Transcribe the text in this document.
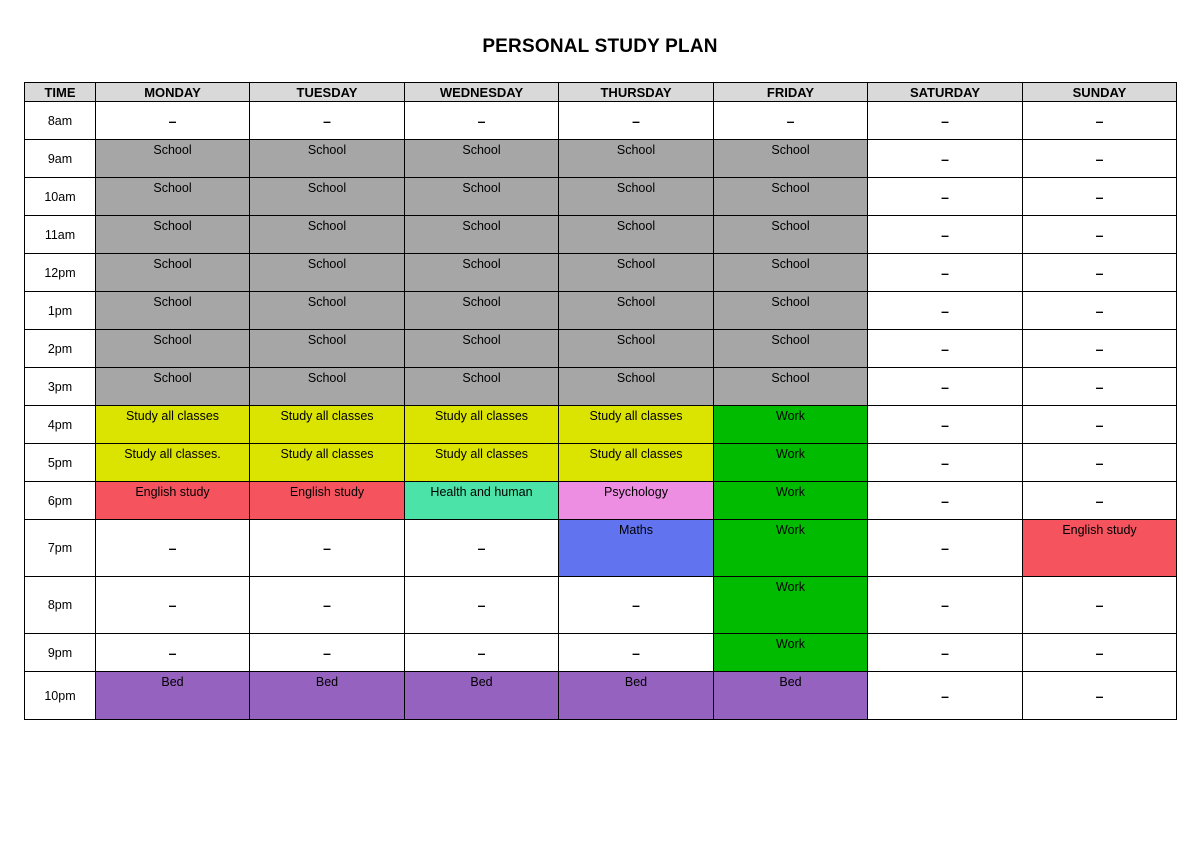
PERSONAL STUDY PLAN
TIME	MONDAY	TUESDAY	WEDNESDAY	THURSDAY	FRIDAY	SATURDAY	SUNDAY
8am	–	–	–	–	–	–	–
9am	School	School	School	School	School	–	–
10am	School	School	School	School	School	–	–
11am	School	School	School	School	School	–	–
12pm	School	School	School	School	School	–	–
1pm	School	School	School	School	School	–	–
2pm	School	School	School	School	School	–	–
3pm	School	School	School	School	School	–	–
4pm	Study all classes	Study all classes	Study all classes	Study all classes	Work	–	–
5pm	Study all classes.	Study all classes	Study all classes	Study all classes	Work	–	–
6pm	English study	English study	Health and human	Psychology	Work	–	–
7pm	–	–	–	Maths	Work	–	English study
8pm	–	–	–	–	Work	–	–
9pm	–	–	–	–	Work	–	–
10pm	Bed	Bed	Bed	Bed	Bed	–	–
